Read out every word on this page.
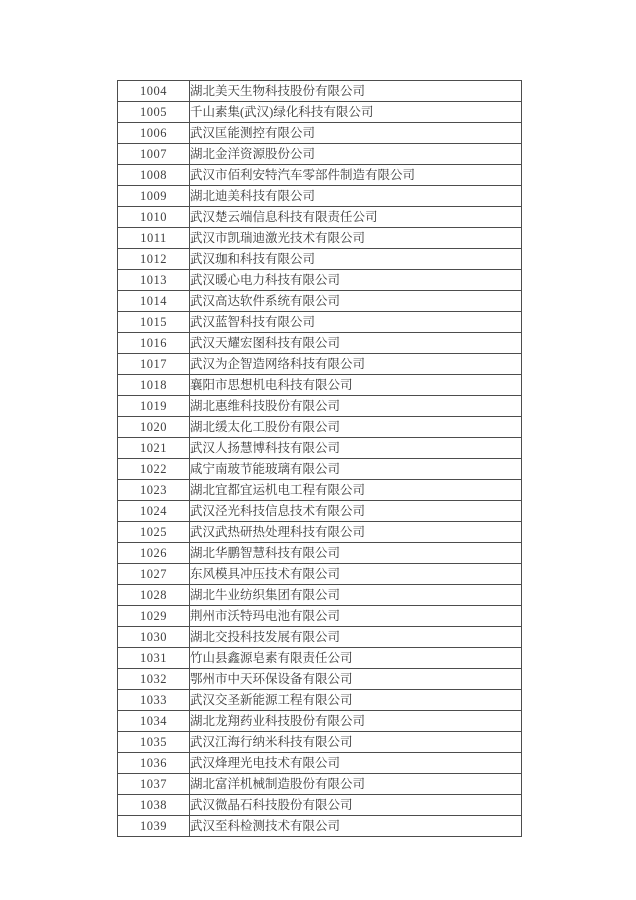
1004	湖北美天生物科技股份有限公司
1005	千山素集(武汉)绿化科技有限公司
1006	武汉匡能测控有限公司
1007	湖北金洋资源股份公司
1008	武汉市佰利安特汽车零部件制造有限公司
1009	湖北迪美科技有限公司
1010	武汉楚云端信息科技有限责任公司
1011	武汉市凯瑞迪激光技术有限公司
1012	武汉珈和科技有限公司
1013	武汉暖心电力科技有限公司
1014	武汉高达软件系统有限公司
1015	武汉蓝智科技有限公司
1016	武汉天耀宏图科技有限公司
1017	武汉为企智造网络科技有限公司
1018	襄阳市思想机电科技有限公司
1019	湖北惠维科技股份有限公司
1020	湖北缓太化工股份有限公司
1021	武汉人扬慧博科技有限公司
1022	咸宁南玻节能玻璃有限公司
1023	湖北宜都宜运机电工程有限公司
1024	武汉泾光科技信息技术有限公司
1025	武汉武热研热处理科技有限公司
1026	湖北华鹏智慧科技有限公司
1027	东风模具冲压技术有限公司
1028	湖北牛业纺织集团有限公司
1029	荆州市沃特玛电池有限公司
1030	湖北交投科技发展有限公司
1031	竹山县鑫源皂素有限责任公司
1032	鄂州市中天环保设备有限公司
1033	武汉交圣新能源工程有限公司
1034	湖北龙翔药业科技股份有限公司
1035	武汉江海行纳米科技有限公司
1036	武汉烽理光电技术有限公司
1037	湖北富洋机械制造股份有限公司
1038	武汉微晶石科技股份有限公司
1039	武汉至科检测技术有限公司
